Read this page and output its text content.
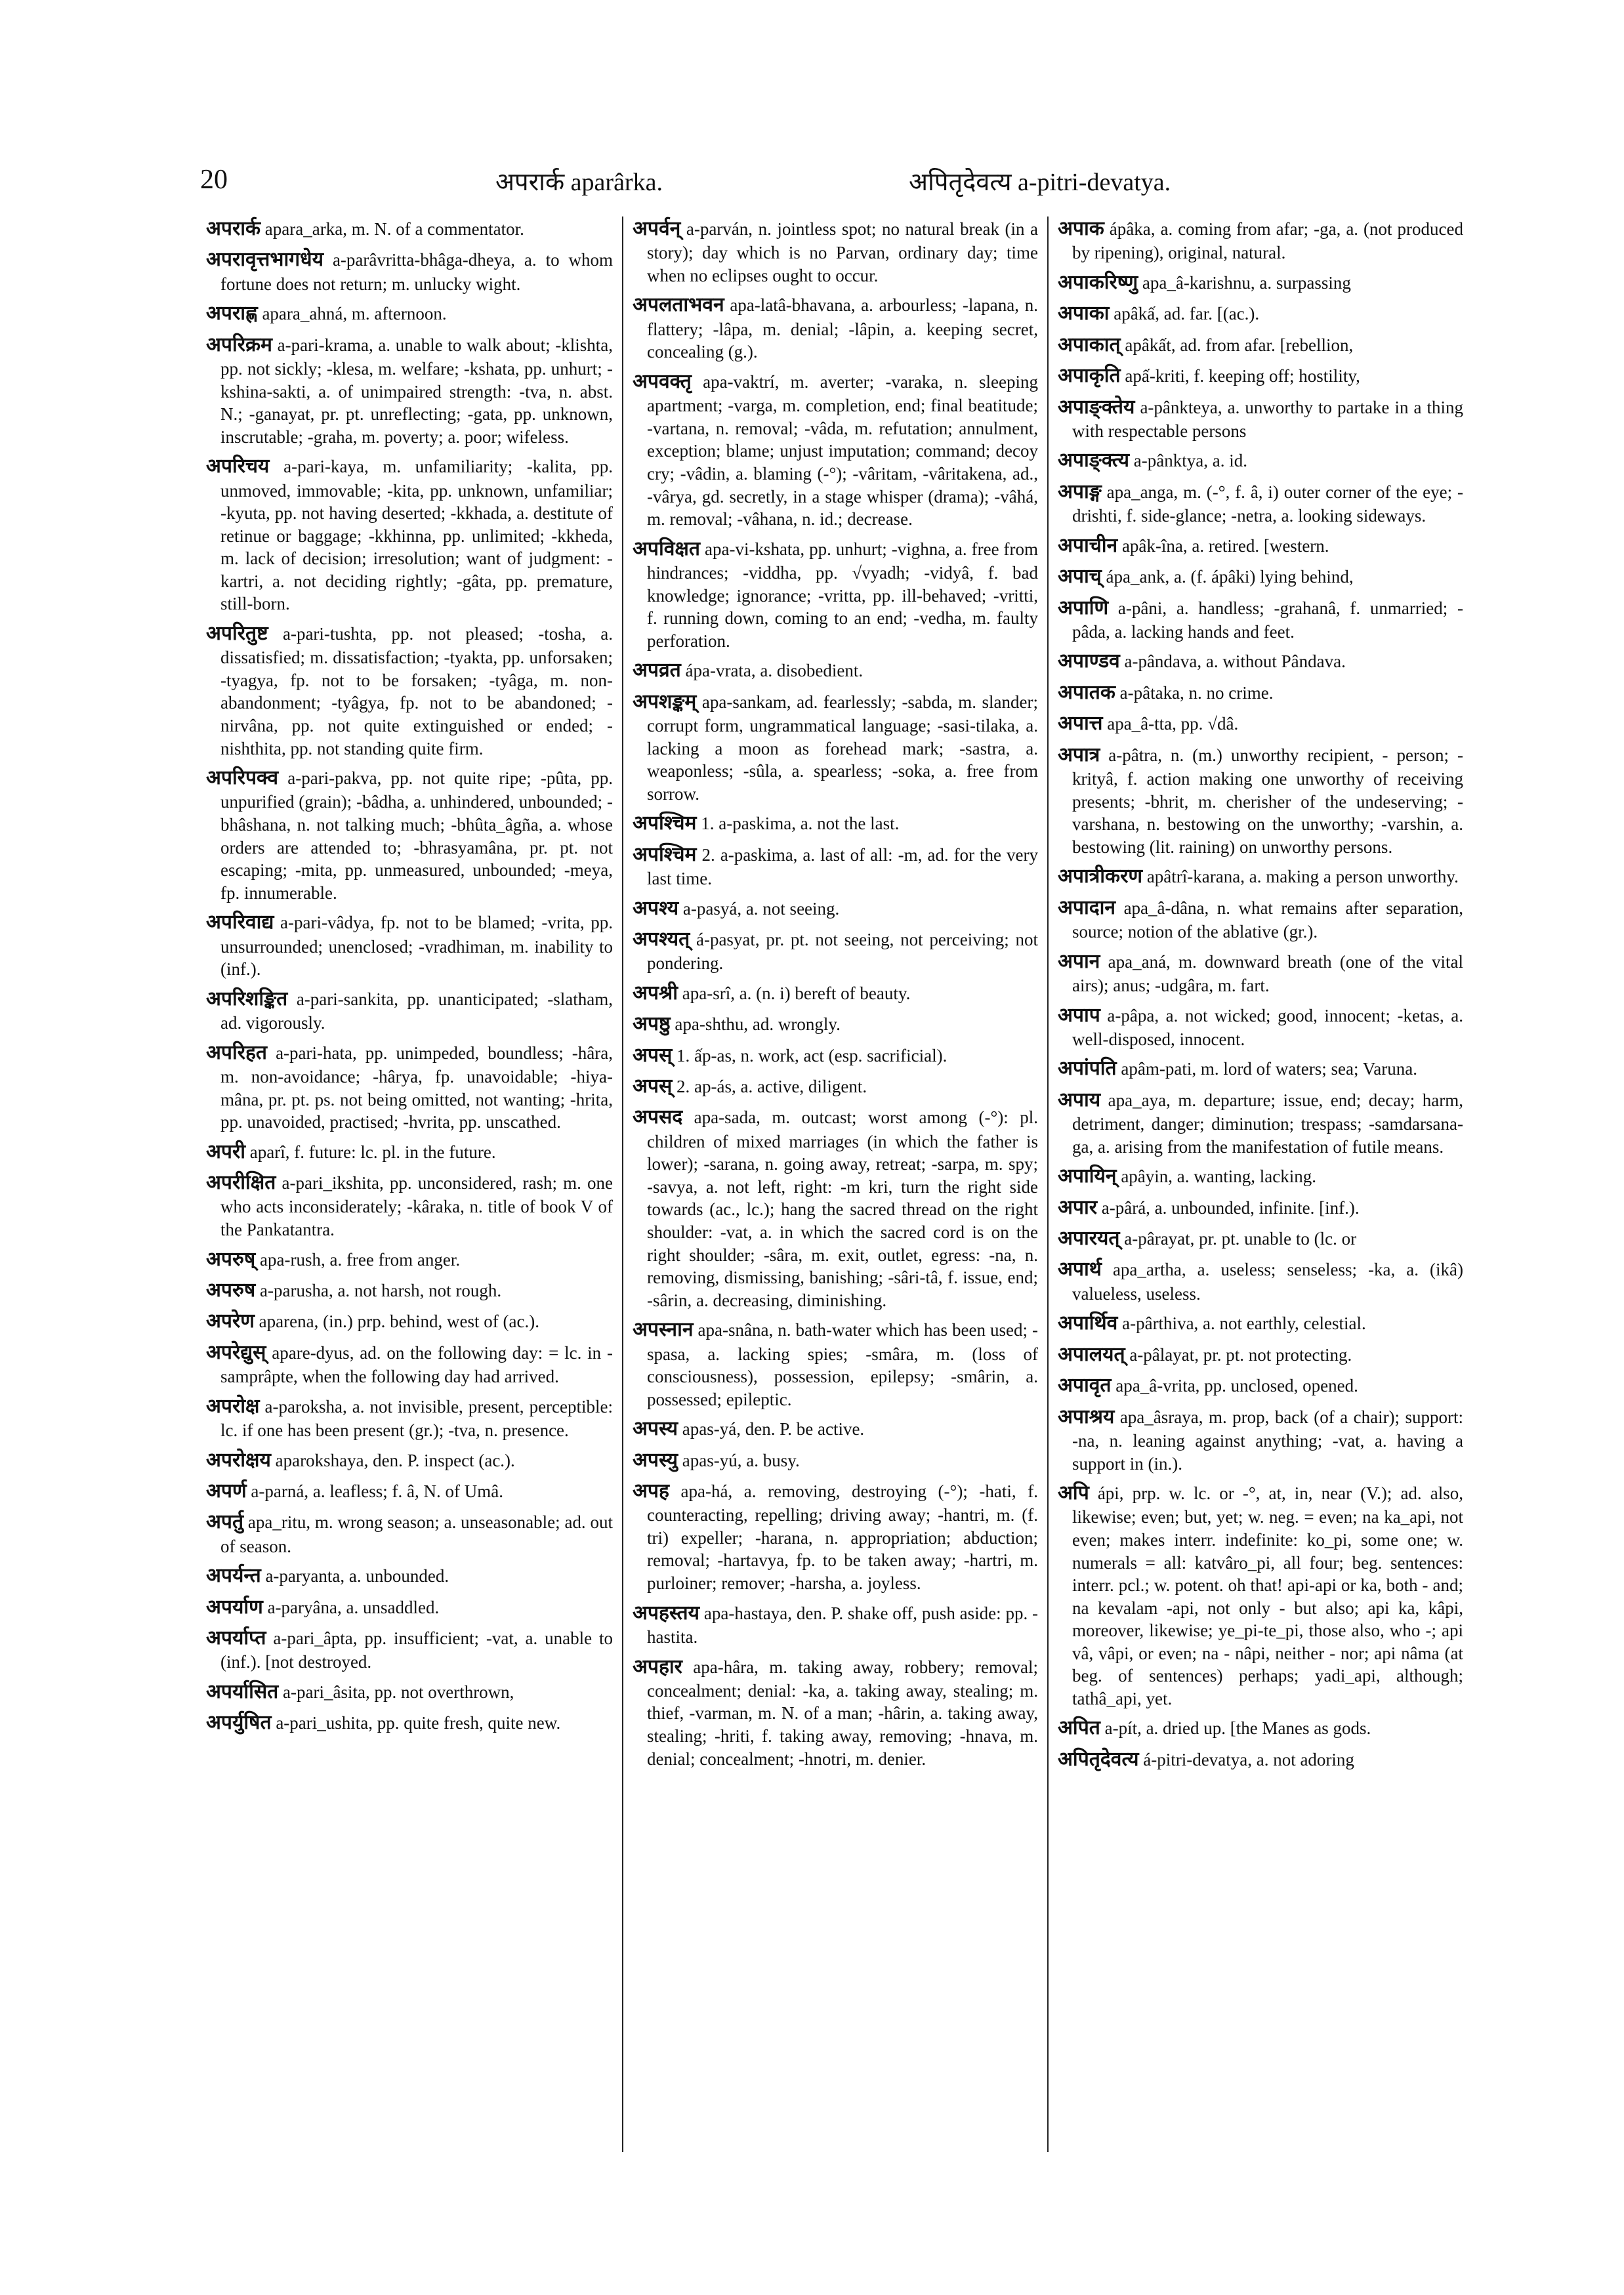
20	अपरार्क aparârka.	अपितृदेवत्य a-pitri-devatya.

अपरार्क apara_arka, m. N. of a commentator.

अपरावृत्तभागधेय a-parâvritta-bhâga-dheya, a. to whom fortune does not return; m. unlucky wight.

अपराह्ण apara_ahná, m. afternoon.

अपरिक्रम a-pari-krama, a. unable to walk about; -klishta, pp. not sickly; -klesa, m. welfare; -kshata, pp. unhurt; -kshina-sakti, a. of unimpaired strength: -tva, n. abst. N.; -ganayat, pr. pt. unreflecting; -gata, pp. unknown, inscrutable; -graha, m. poverty; a. poor; wifeless.

अपरिचय a-pari-kaya, m. unfamiliarity; -kalita, pp. unmoved, immovable; -kita, pp. unknown, unfamiliar; -kyuta, pp. not having deserted; -kkhada, a. destitute of retinue or baggage; -kkhinna, pp. unlimited; -kkheda, m. lack of decision; irresolution; want of judgment: -kartri, a. not deciding rightly; -gâta, pp. premature, still-born.

अपरितुष्ट a-pari-tushta, pp. not pleased; -tosha, a. dissatisfied; m. dissatisfaction; -tyakta, pp. unforsaken; -tyagya, fp. not to be forsaken; -tyâga, m. non-abandonment; -tyâgya, fp. not to be abandoned; -nirvâna, pp. not quite extinguished or ended; -nishthita, pp. not standing quite firm.

अपरिपक्व a-pari-pakva, pp. not quite ripe; -pûta, pp. unpurified (grain); -bâdha, a. unhindered, unbounded; -bhâshana, n. not talking much; -bhûta_âgña, a. whose orders are attended to; -bhrasyamâna, pr. pt. not escaping; -mita, pp. unmeasured, unbounded; -meya, fp. innumerable.

अपरिवाद्य a-pari-vâdya, fp. not to be blamed; -vrita, pp. unsurrounded; unenclosed; -vradhiman, m. inability to (inf.).

अपरिशङ्कित a-pari-sankita, pp. unanticipated; -slatham, ad. vigorously.

अपरिहत a-pari-hata, pp. unimpeded, boundless; -hâra, m. non-avoidance; -hârya, fp. unavoidable; -hiya-mâna, pr. pt. ps. not being omitted, not wanting; -hrita, pp. unavoided, practised; -hvrita, pp. unscathed.

अपरी aparî, f. future: lc. pl. in the future.

अपरीक्षित a-pari_ikshita, pp. unconsidered, rash; m. one who acts inconsiderately; -kâraka, n. title of book V of the Pankatantra.

अपरुष् apa-rush, a. free from anger.

अपरुष a-parusha, a. not harsh, not rough.

अपरेण aparena, (in.) prp. behind, west of (ac.).

अपरेद्युस् apare-dyus, ad. on the following day: = lc. in -samprâpte, when the following day had arrived.

अपरोक्ष a-paroksha, a. not invisible, present, perceptible: lc. if one has been present (gr.); -tva, n. presence.

अपरोक्षय aparokshaya, den. P. inspect (ac.).

अपर्ण a-parná, a. leafless; f. â, N. of Umâ.

अपर्तु apa_ritu, m. wrong season; a. unseasonable; ad. out of season.

अपर्यन्त a-paryanta, a. unbounded.

अपर्याण a-paryâna, a. unsaddled.

अपर्याप्त a-pari_âpta, pp. insufficient; -vat, a. unable to (inf.). [not destroyed.

अपर्यासित a-pari_âsita, pp. not overthrown,

अपर्युषित a-pari_ushita, pp. quite fresh, quite new.

अपर्वन् a-parván, n. jointless spot; no natural break (in a story); day which is no Parvan, ordinary day; time when no eclipses ought to occur.

अपलताभवन apa-latâ-bhavana, a. arbourless; -lapana, n. flattery; -lâpa, m. denial; -lâpin, a. keeping secret, concealing (g.).

अपवक्तृ apa-vaktrí, m. averter; -varaka, n. sleeping apartment; -varga, m. completion, end; final beatitude; -vartana, n. removal; -vâda, m. refutation; annulment, exception; blame; unjust imputation; command; decoy cry; -vâdin, a. blaming (-°); -vâritam, -vâritakena, ad., -vârya, gd. secretly, in a stage whisper (drama); -vâhá, m. removal; -vâhana, n. id.; decrease.

अपविक्षत apa-vi-kshata, pp. unhurt; -vighna, a. free from hindrances; -viddha, pp. √vyadh; -vidyâ, f. bad knowledge; ignorance; -vritta, pp. ill-behaved; -vritti, f. running down, coming to an end; -vedha, m. faulty perforation.

अपव्रत ápa-vrata, a. disobedient.

अपशङ्कम् apa-sankam, ad. fearlessly; -sabda, m. slander; corrupt form, ungrammatical language; -sasi-tilaka, a. lacking a moon as forehead mark; -sastra, a. weaponless; -sûla, a. spearless; -soka, a. free from sorrow.

अपश्चिम 1. a-paskima, a. not the last.

अपश्चिम 2. a-paskima, a. last of all: -m, ad. for the very last time.

अपश्य a-pasyá, a. not seeing.

अपश्यत् á-pasyat, pr. pt. not seeing, not perceiving; not pondering.

अपश्री apa-srî, a. (n. i) bereft of beauty.

अपष्ठु apa-shthu, ad. wrongly.

अपस् 1. ấp-as, n. work, act (esp. sacrificial).

अपस् 2. ap-ás, a. active, diligent.

अपसद apa-sada, m. outcast; worst among (-°): pl. children of mixed marriages (in which the father is lower); -sarana, n. going away, retreat; -sarpa, m. spy; -savya, a. not left, right: -m kri, turn the right side towards (ac., lc.); hang the sacred thread on the right shoulder: -vat, a. in which the sacred cord is on the right shoulder; -sâra, m. exit, outlet, egress: -na, n. removing, dismissing, banishing; -sâri-tâ, f. issue, end; -sârin, a. decreasing, diminishing.

अपस्नान apa-snâna, n. bath-water which has been used; -spasa, a. lacking spies; -smâra, m. (loss of consciousness), possession, epilepsy; -smârin, a. possessed; epileptic.

अपस्य apas-yá, den. P. be active.

अपस्यु apas-yú, a. busy.

अपह apa-há, a. removing, destroying (-°); -hati, f. counteracting, repelling; driving away; -hantri, m. (f. tri) expeller; -harana, n. appropriation; abduction; removal; -hartavya, fp. to be taken away; -hartri, m. purloiner; remover; -harsha, a. joyless.

अपहस्तय apa-hastaya, den. P. shake off, push aside: pp. -hastita.

अपहार apa-hâra, m. taking away, robbery; removal; concealment; denial: -ka, a. taking away, stealing; m. thief, -varman, m. N. of a man; -hârin, a. taking away, stealing; -hriti, f. taking away, removing; -hnava, m. denial; concealment; -hnotri, m. denier.

अपाक ápâka, a. coming from afar; -ga, a. (not produced by ripening), original, natural.

अपाकरिष्णु apa_â-karishnu, a. surpassing

अपाका apâkấ, ad. far. [(ac.).

अपाकात् apâkất, ad. from afar. [rebellion,

अपाकृति apấ-kriti, f. keeping off; hostility,

अपाङ्क्तेय a-pânkteya, a. unworthy to partake in a thing with respectable persons

अपाङ्क्त्य a-pânktya, a. id.

अपाङ्ग apa_anga, m. (-°, f. â, i) outer corner of the eye; -drishti, f. side-glance; -netra, a. looking sideways.

अपाचीन apâk-îna, a. retired. [western.

अपाच् ápa_ank, a. (f. ápâki) lying behind,

अपाणि a-pâni, a. handless; -grahanâ, f. unmarried; -pâda, a. lacking hands and feet.

अपाण्डव a-pândava, a. without Pândava.

अपातक a-pâtaka, n. no crime.

अपात्त apa_â-tta, pp. √dâ.

अपात्र a-pâtra, n. (m.) unworthy recipient, - person; -krityâ, f. action making one unworthy of receiving presents; -bhrit, m. cherisher of the undeserving; -varshana, n. bestowing on the unworthy; -varshin, a. bestowing (lit. raining) on unworthy persons.

अपात्रीकरण apâtrî-karana, a. making a person unworthy.

अपादान apa_â-dâna, n. what remains after separation, source; notion of the ablative (gr.).

अपान apa_aná, m. downward breath (one of the vital airs); anus; -udgâra, m. fart.

अपाप a-pâpa, a. not wicked; good, innocent; -ketas, a. well-disposed, innocent.

अपांपति apâm-pati, m. lord of waters; sea; Varuna.

अपाय apa_aya, m. departure; issue, end; decay; harm, detriment, danger; diminution; trespass; -samdarsana-ga, a. arising from the manifestation of futile means.

अपायिन् apâyin, a. wanting, lacking.

अपार a-pârá, a. unbounded, infinite. [inf.).

अपारयत् a-pârayat, pr. pt. unable to (lc. or

अपार्थ apa_artha, a. useless; senseless; -ka, a. (ikâ) valueless, useless.

अपार्थिव a-pârthiva, a. not earthly, celestial.

अपालयत् a-pâlayat, pr. pt. not protecting.

अपावृत apa_â-vrita, pp. unclosed, opened.

अपाश्रय apa_âsraya, m. prop, back (of a chair); support: -na, n. leaning against anything; -vat, a. having a support in (in.).

अपि ápi, prp. w. lc. or -°, at, in, near (V.); ad. also, likewise; even; but, yet; w. neg. = even; na ka_api, not even; makes interr. indefinite: ko_pi, some one; w. numerals = all: katvâro_pi, all four; beg. sentences: interr. pcl.; w. potent. oh that! api-api or ka, both - and; na kevalam -api, not only - but also; api ka, kâpi, moreover, likewise; ye_pi-te_pi, those also, who -; api vâ, vâpi, or even; na - nâpi, neither - nor; api nâma (at beg. of sentences) perhaps; yadi_api, although; tathâ_api, yet.

अपित a-pít, a. dried up. [the Manes as gods.

अपितृदेवत्य á-pitri-devatya, a. not adoring
